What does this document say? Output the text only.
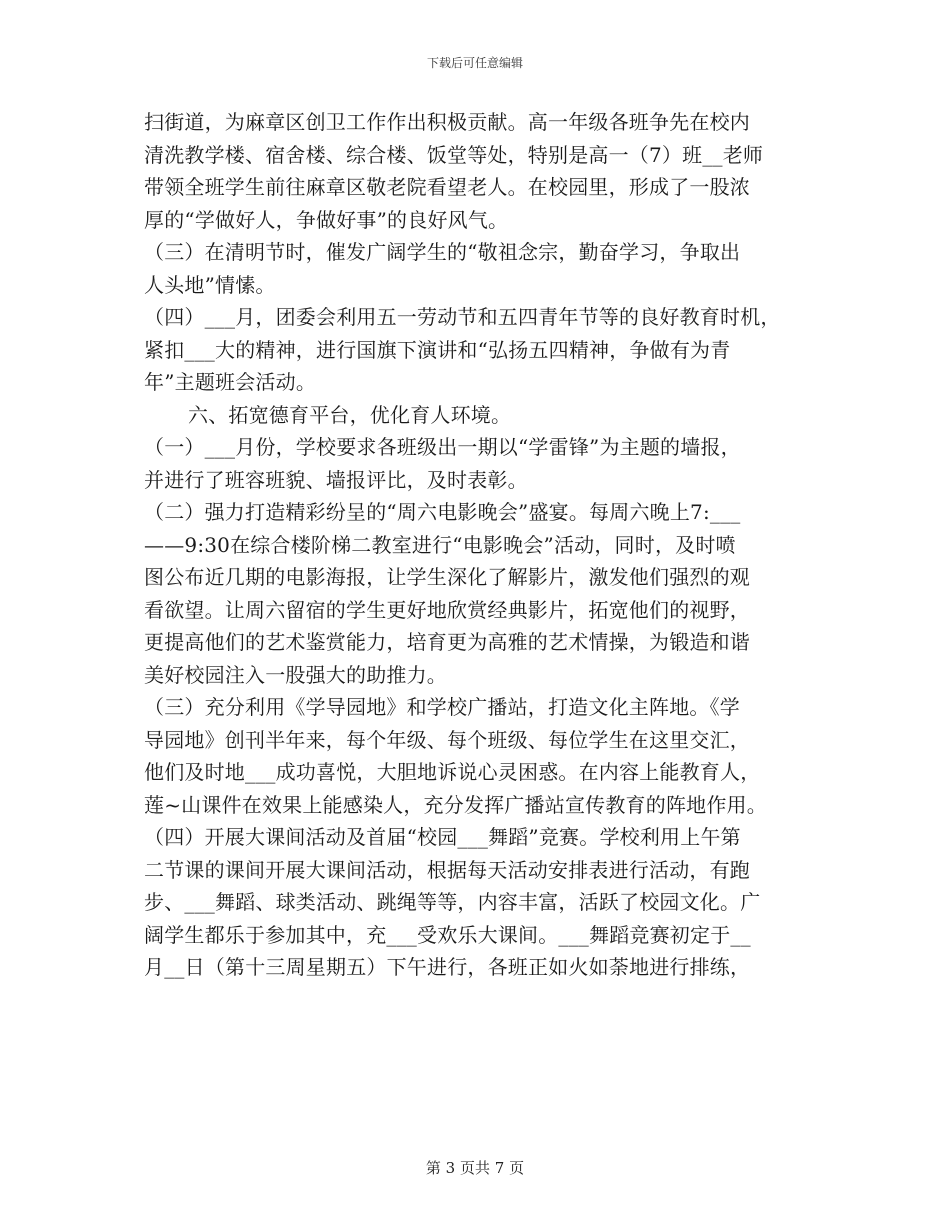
下载后可任意编辑
扫街道，为麻章区创卫工作作出积极贡献。高一年级各班争先在校内
清洗教学楼、宿舍楼、综合楼、饭堂等处，特别是高一（7）班__老师
带领全班学生前往麻章区敬老院看望老人。在校园里，形成了一股浓
厚的“学做好人，争做好事”的良好风气。
（三）在清明节时，催发广阔学生的“敬祖念宗，勤奋学习，争取出
人头地”情愫。
（四）___月，团委会利用五一劳动节和五四青年节等的良好教育时机，
紧扣___大的精神，进行国旗下演讲和“弘扬五四精神，争做有为青
年”主题班会活动。
六、拓宽德育平台，优化育人环境。
（一）___月份，学校要求各班级出一期以“学雷锋”为主题的墙报，
并进行了班容班貌、墙报评比，及时表彰。
（二）强力打造精彩纷呈的“周六电影晚会”盛宴。每周六晚上7:___
——9:30在综合楼阶梯二教室进行“电影晚会”活动，同时，及时喷
图公布近几期的电影海报，让学生深化了解影片，激发他们强烈的观
看欲望。让周六留宿的学生更好地欣赏经典影片，拓宽他们的视野，
更提高他们的艺术鉴赏能力，培育更为高雅的艺术情操，为锻造和谐
美好校园注入一股强大的助推力。
（三）充分利用《学导园地》和学校广播站，打造文化主阵地。《学
导园地》创刊半年来，每个年级、每个班级、每位学生在这里交汇，
他们及时地___成功喜悦，大胆地诉说心灵困惑。在内容上能教育人，
莲~山课件在效果上能感染人，充分发挥广播站宣传教育的阵地作用。
（四）开展大课间活动及首届“校园___舞蹈”竞赛。学校利用上午第
二节课的课间开展大课间活动，根据每天活动安排表进行活动，有跑
步、___舞蹈、球类活动、跳绳等等，内容丰富，活跃了校园文化。广
阔学生都乐于参加其中，充___受欢乐大课间。___舞蹈竞赛初定于__
月__日（第十三周星期五）下午进行，各班正如火如荼地进行排练，
第 3 页共 7 页
